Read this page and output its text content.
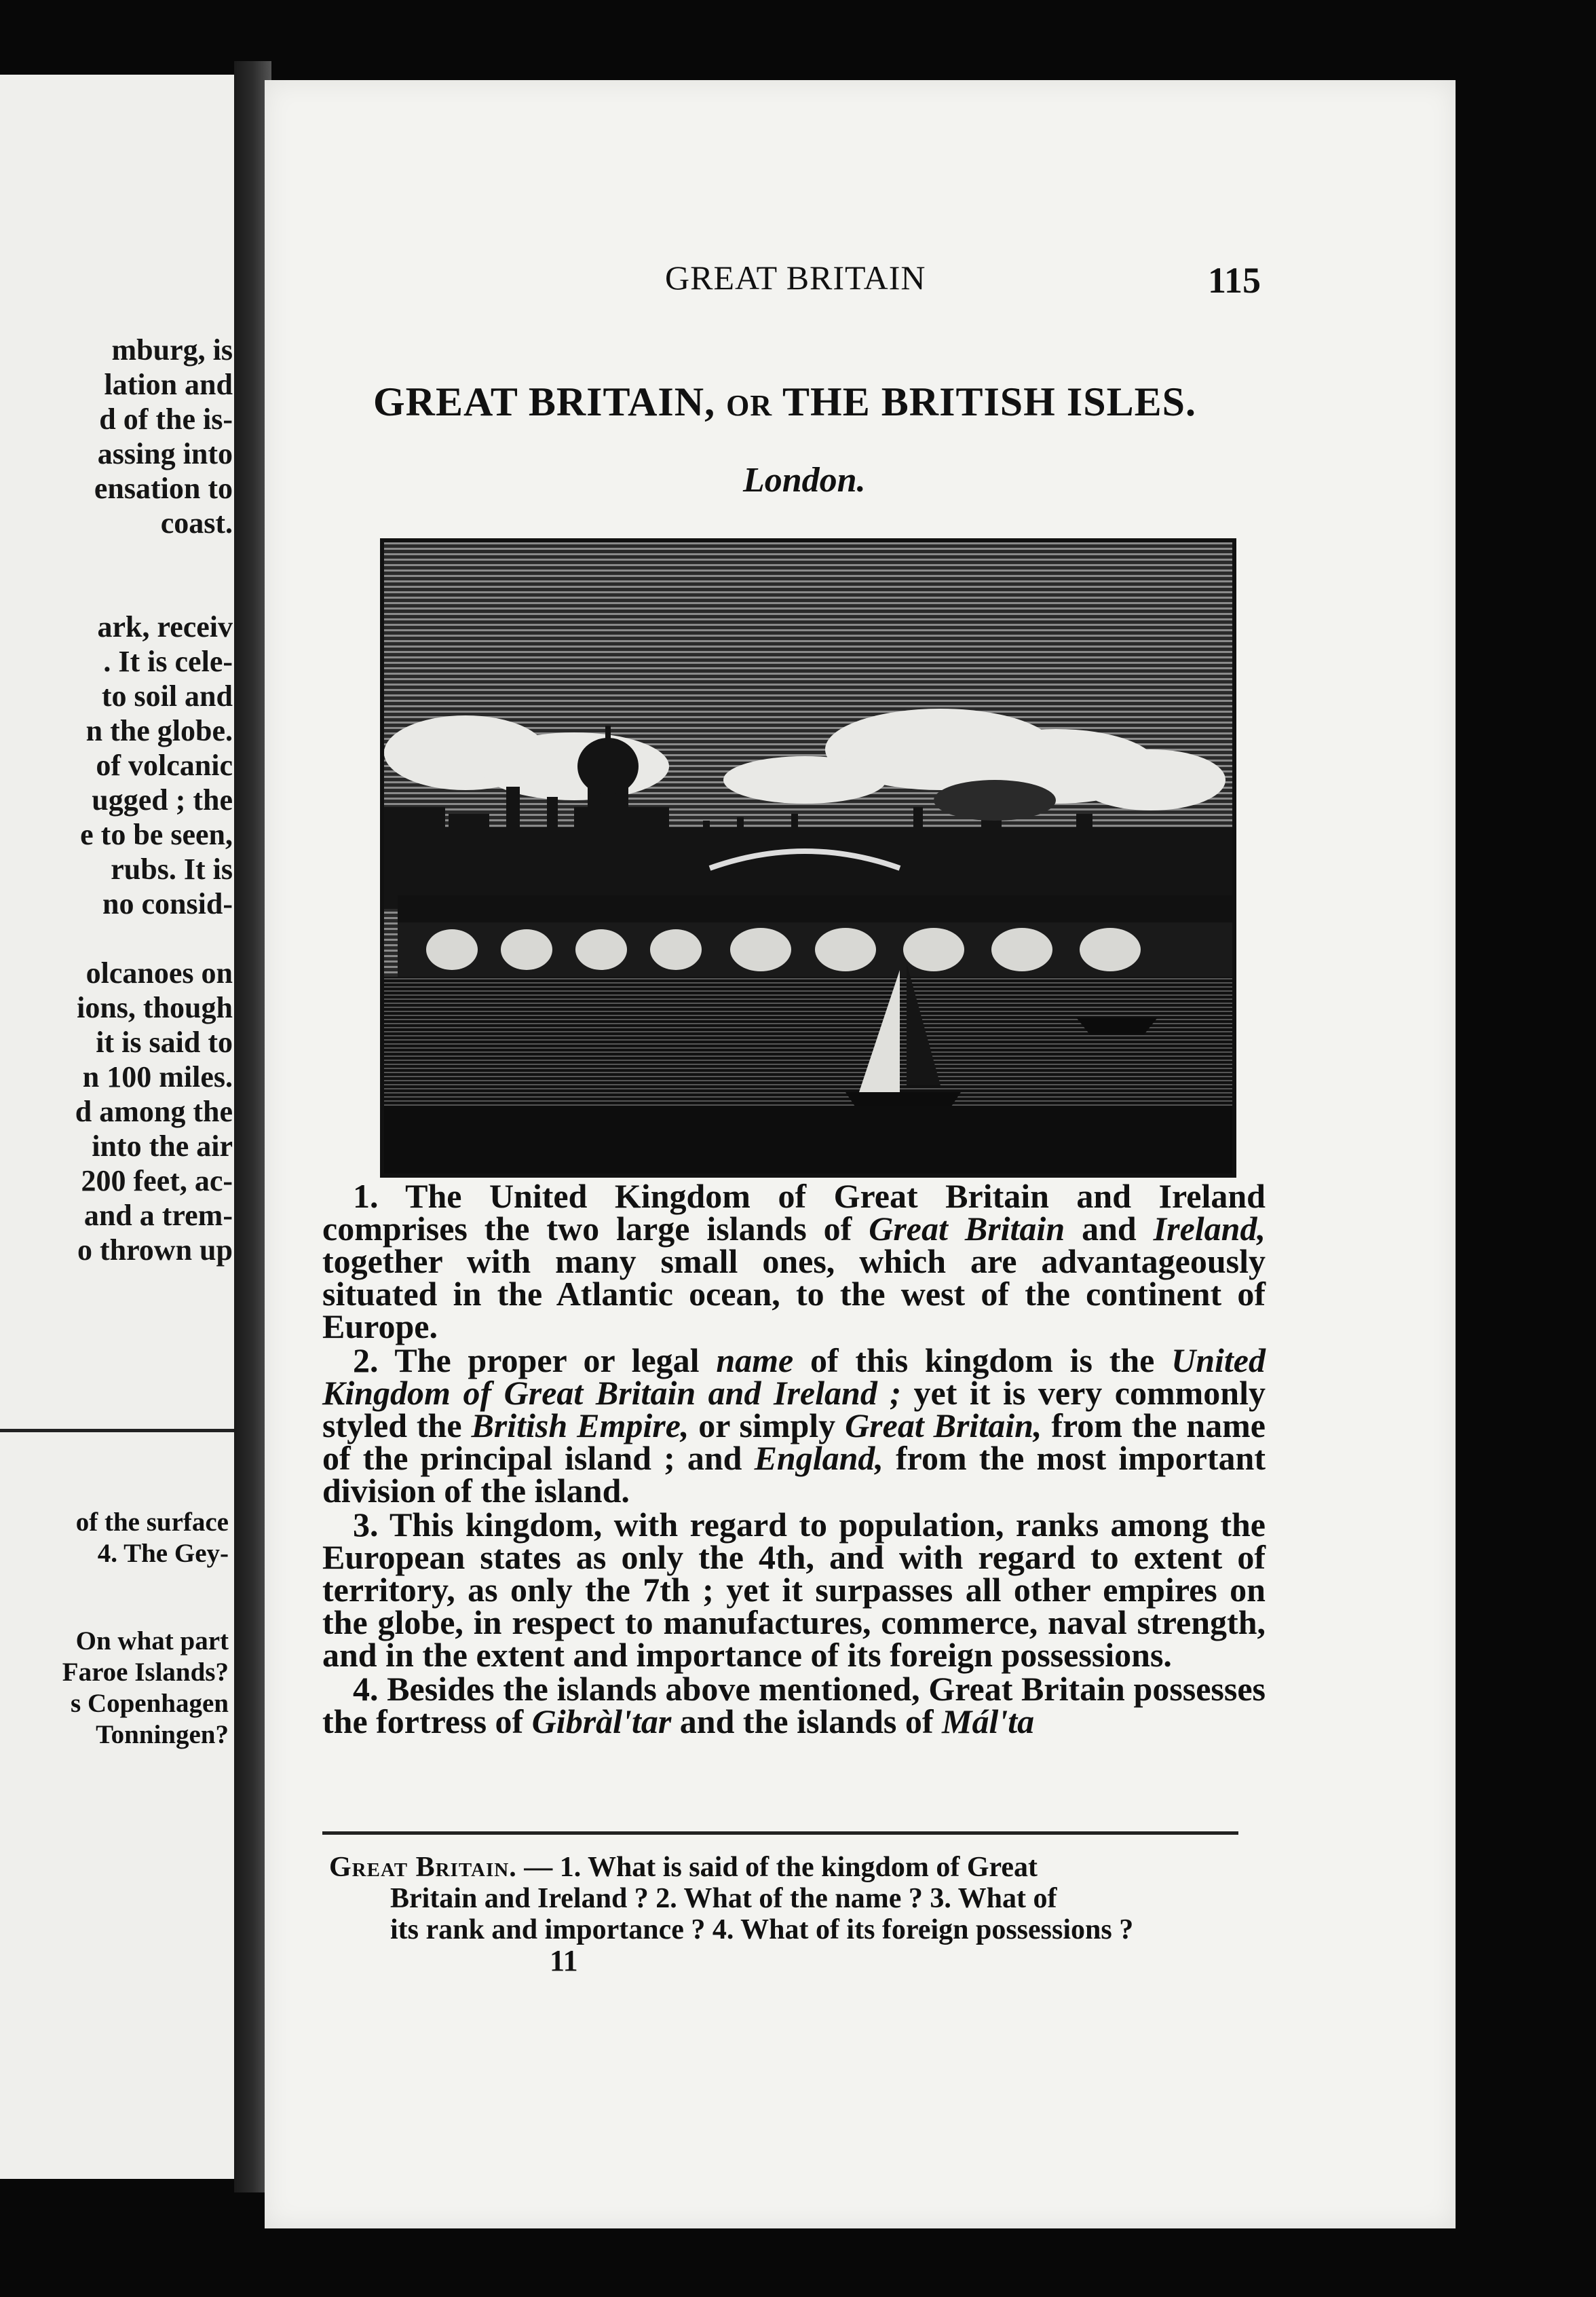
mburg, is
lation and
d of the is-
assing into
ensation to
coast.

ark, receiv
. It is cele-
to soil and
n the globe.
of volcanic
ugged ; the
e to be seen,
rubs. It is
no consid-

olcanoes on
ions, though
it is said to
n 100 miles.
d among the
into the air
200 feet, ac-
and a trem-
o thrown up
of the surface
4. The Gey-
On what part
Faroe Islands?
s Copenhagen
Tonningen?
GREAT BRITAIN	115
GREAT BRITAIN, OR THE BRITISH ISLES.
London.

1. The United Kingdom of Great Britain and Ireland comprises the two large islands of Great Britain and Ireland, together with many small ones, which are advantageously situated in the Atlantic ocean, to the west of the continent of Europe.

2. The proper or legal name of this kingdom is the United Kingdom of Great Britain and Ireland ; yet it is very commonly styled the British Empire, or simply Great Britain, from the name of the principal island ; and England, from the most important division of the island.

3. This kingdom, with regard to population, ranks among the European states as only the 4th, and with regard to extent of territory, as only the 7th ; yet it surpasses all other empires on the globe, in respect to manufactures, commerce, naval strength, and in the extent and importance of its foreign possessions.

4. Besides the islands above mentioned, Great Britain possesses the fortress of Gibràl'tar and the islands of Mál'ta

Great Britain. — 1. What is said of the kingdom of Great
Britain and Ireland ? 2. What of the name ? 3. What of
its rank and importance ? 4. What of its foreign possessions ?
11
